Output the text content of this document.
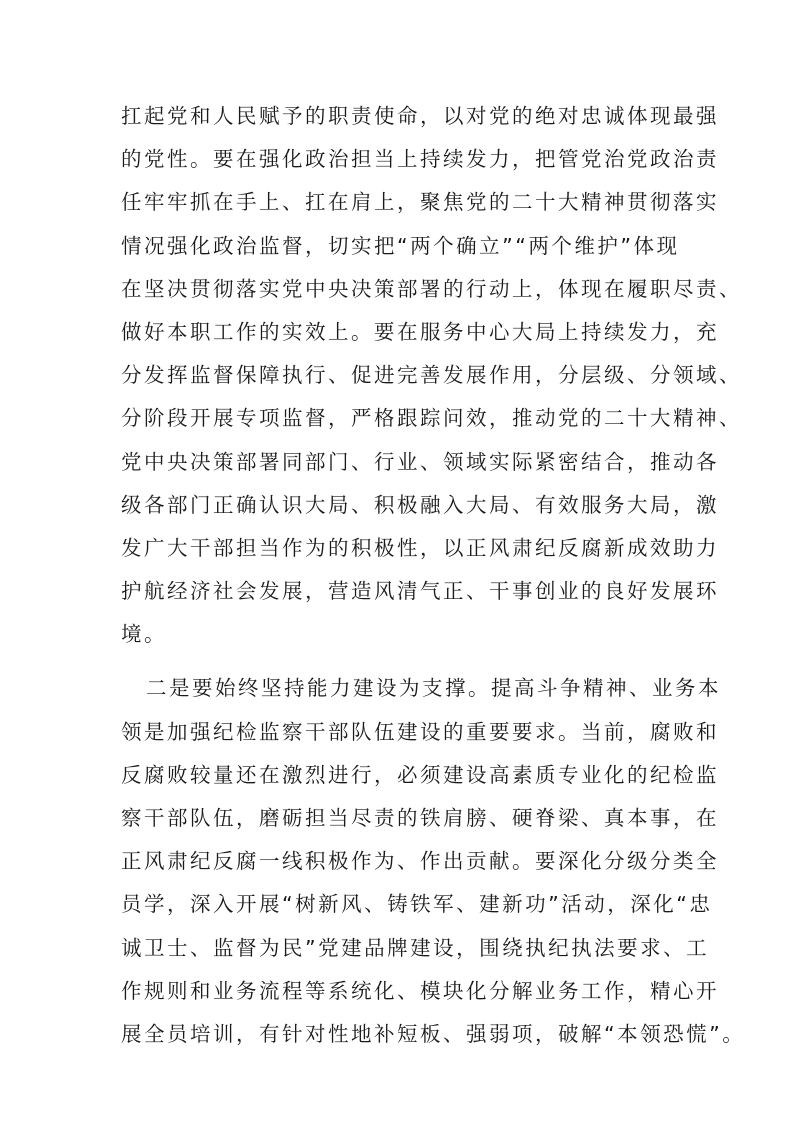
扛起党和人民赋予的职责使命，以对党的绝对忠诚体现最强
的党性。要在强化政治担当上持续发力，把管党治党政治责
任牢牢抓在手上、扛在肩上，聚焦党的二十大精神贯彻落实
情况强化政治监督，切实把“两个确立”“两个维护”体现
在坚决贯彻落实党中央决策部署的行动上，体现在履职尽责、
做好本职工作的实效上。要在服务中心大局上持续发力，充
分发挥监督保障执行、促进完善发展作用，分层级、分领域、
分阶段开展专项监督，严格跟踪问效，推动党的二十大精神、
党中央决策部署同部门、行业、领域实际紧密结合，推动各
级各部门正确认识大局、积极融入大局、有效服务大局，激
发广大干部担当作为的积极性，以正风肃纪反腐新成效助力
护航经济社会发展，营造风清气正、干事创业的良好发展环
境。
二是要始终坚持能力建设为支撑。提高斗争精神、业务本
领是加强纪检监察干部队伍建设的重要要求。当前，腐败和
反腐败较量还在激烈进行，必须建设高素质专业化的纪检监
察干部队伍，磨砺担当尽责的铁肩膀、硬脊梁、真本事，在
正风肃纪反腐一线积极作为、作出贡献。要深化分级分类全
员学，深入开展“树新风、铸铁军、建新功”活动，深化“忠
诚卫士、监督为民”党建品牌建设，围绕执纪执法要求、工
作规则和业务流程等系统化、模块化分解业务工作，精心开
展全员培训，有针对性地补短板、强弱项，破解“本领恐慌”。
